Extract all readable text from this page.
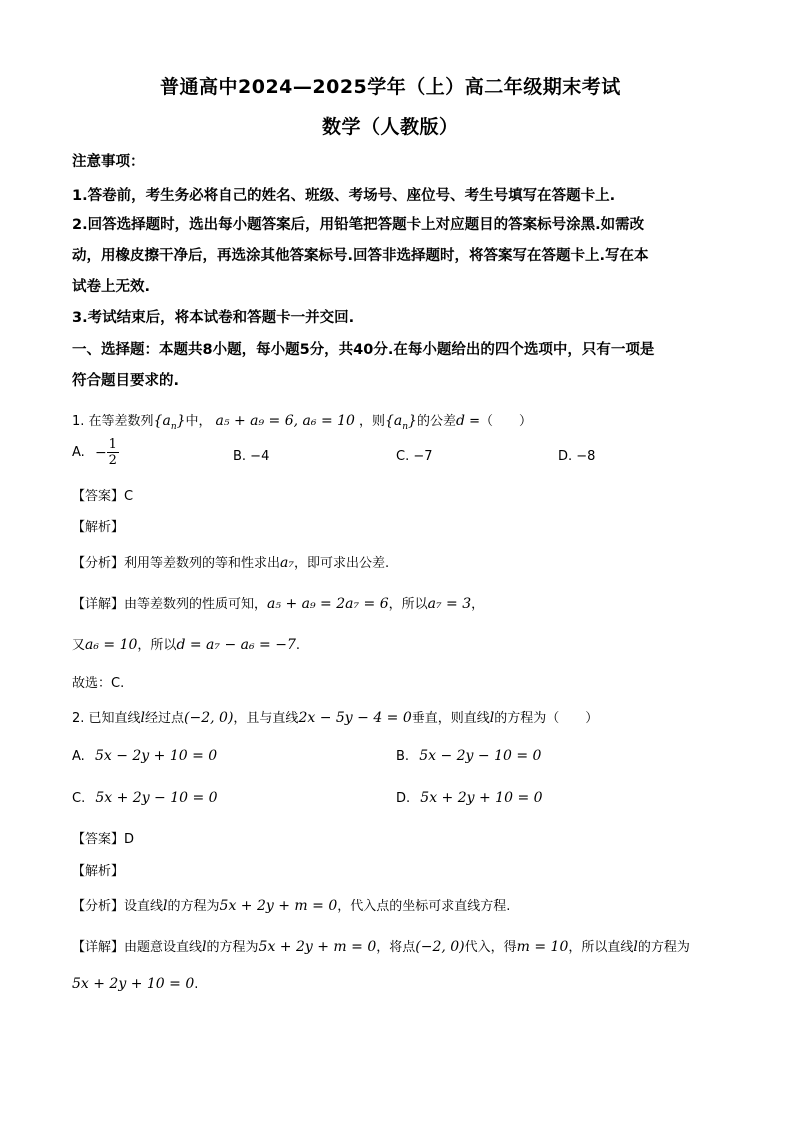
普通高中2024—2025学年（上）高二年级期末考试
数学（人教版）
注意事项：
1.答卷前，考生务必将自己的姓名、班级、考场号、座位号、考生号填写在答题卡上.
2.回答选择题时，选出每小题答案后，用铅笔把答题卡上对应题目的答案标号涂黑.如需改
动，用橡皮擦干净后，再选涂其他答案标号.回答非选择题时，将答案写在答题卡上.写在本
试卷上无效.
3.考试结束后，将本试卷和答题卡一并交回.
一、选择题：本题共8小题，每小题5分，共40分.在每小题给出的四个选项中，只有一项是
符合题目要求的.
1. 在等差数列$\{a_n\}$中， a₅ + a₉ = 6, a₆ = 10 ，则$\{a_n\}$的公差d =（　　）
A. − $\frac{1}{2}$	B. −4	C. −7	D. −8
【答案】C
【解析】
【分析】利用等差数列的等和性求出a₇，即可求出公差.
【详解】由等差数列的性质可知，a₅ + a₉ = 2a₇ = 6，所以a₇ = 3，
又a₆ = 10，所以d = a₇ − a₆ = −7.
故选：C.
2. 已知直线l经过点(−2, 0)，且与直线2x − 5y − 4 = 0垂直，则直线l的方程为（　　）
A. 5x − 2y + 10 = 0	B. 5x − 2y − 10 = 0
C. 5x + 2y − 10 = 0	D. 5x + 2y + 10 = 0
【答案】D
【解析】
【分析】设直线l的方程为5x + 2y + m = 0，代入点的坐标可求直线方程.
【详解】由题意设直线l的方程为5x + 2y + m = 0，将点(−2, 0)代入，得m = 10，所以直线l的方程为
5x + 2y + 10 = 0.
